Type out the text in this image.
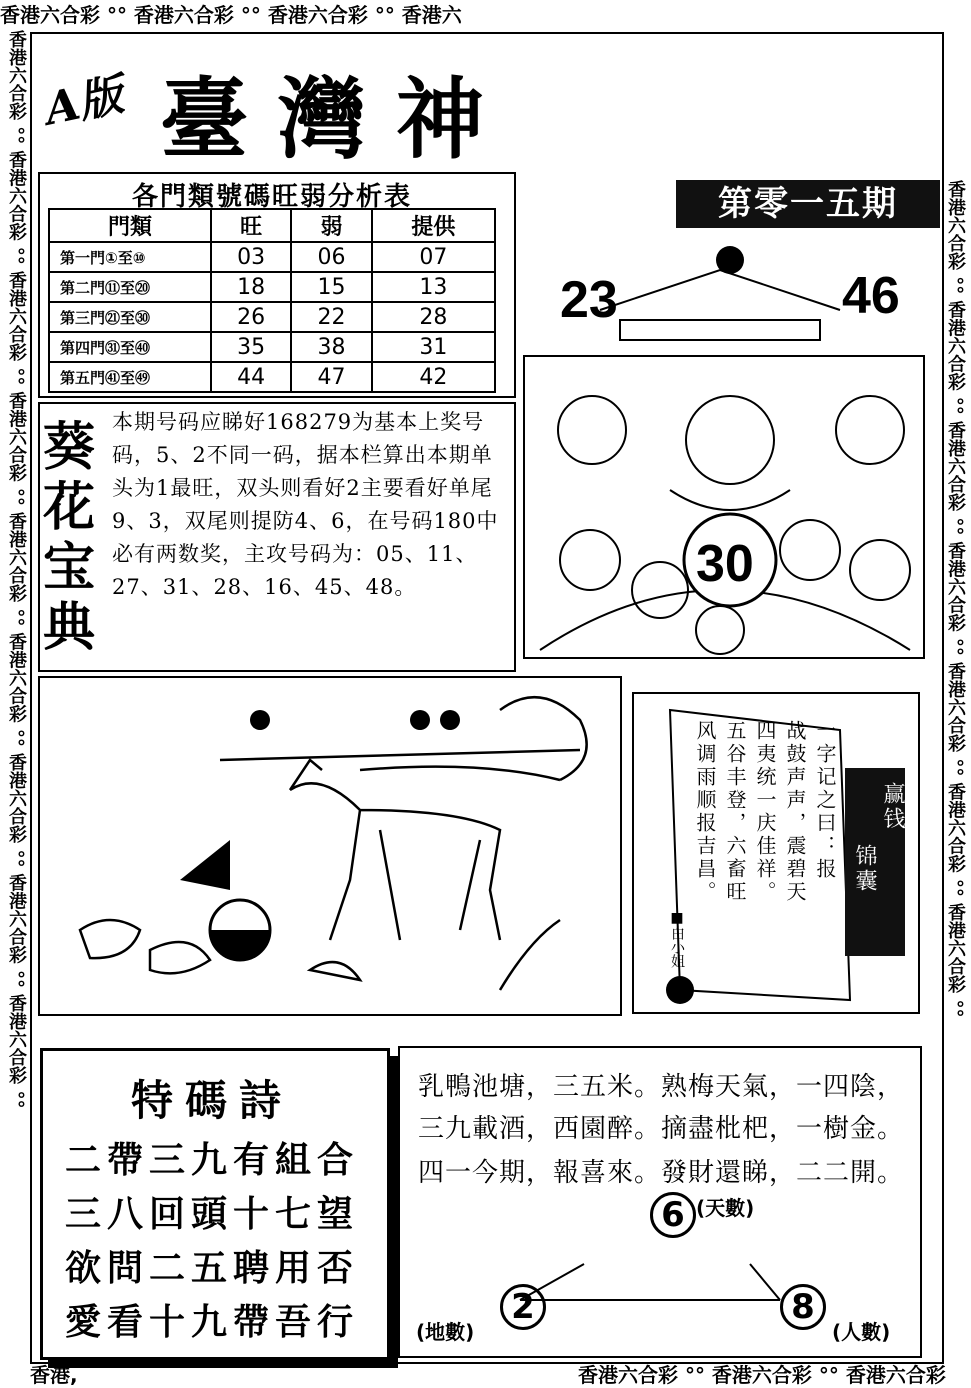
香港六合彩 °° 香港六合彩 °° 香港六合彩 °° 香港六
香港六合彩 °° 香港六合彩 °° 香港六合彩 °° 香港六合彩 °° 香港六合彩 °° 香港六合彩 °° 香港六合彩 °° 香港六合彩 °° 香港六合彩 °°	香港六合彩 °° 香港六合彩 °° 香港六合彩 °° 香港六合彩 °° 香港六合彩 °° 香港六合彩 °° 香港六合彩 °°
香港,	香港六合彩 °° 香港六合彩 °° 香港六合彩
A版 臺灣神
各門類號碼旺弱分析表
門類	旺	弱	提供
第一門①至⑩	03	06	07
第二門⑪至⑳	18	15	13
第三門㉑至㉚	26	22	28
第四門㉛至㊵	35	38	31
第五門㊶至㊾	44	47	42
葵花宝典
本期号码应睇好168279为基本上奖号码，5、2不同一码，据本栏算出本期单头为1最旺，双头则看好2主要看好单尾9、3，双尾则提防4、6，在号码180中必有两数奖，主攻号码为：05、11、27、31、28、16、45、48。
第零一五期
23	46
30
风调雨顺报吉昌。 五谷丰登，六畜旺 四夷统一庆佳祥。 战鼓声声，震碧天 一字记之曰：报
■白小姐
赢钱
锦囊
特碼詩
二帶三九有組合
三八回頭十七望
欲問二五聘用否
愛看十九帶吾行
乳鴨池塘，三五米。熟梅天氣，一四陰，
三九載酒，西園醉。摘盡枇杷，一樹金。
四一今期，報喜來。發財還睇，二二開。
6 (天數)
2
(地數)
8
(人數)
